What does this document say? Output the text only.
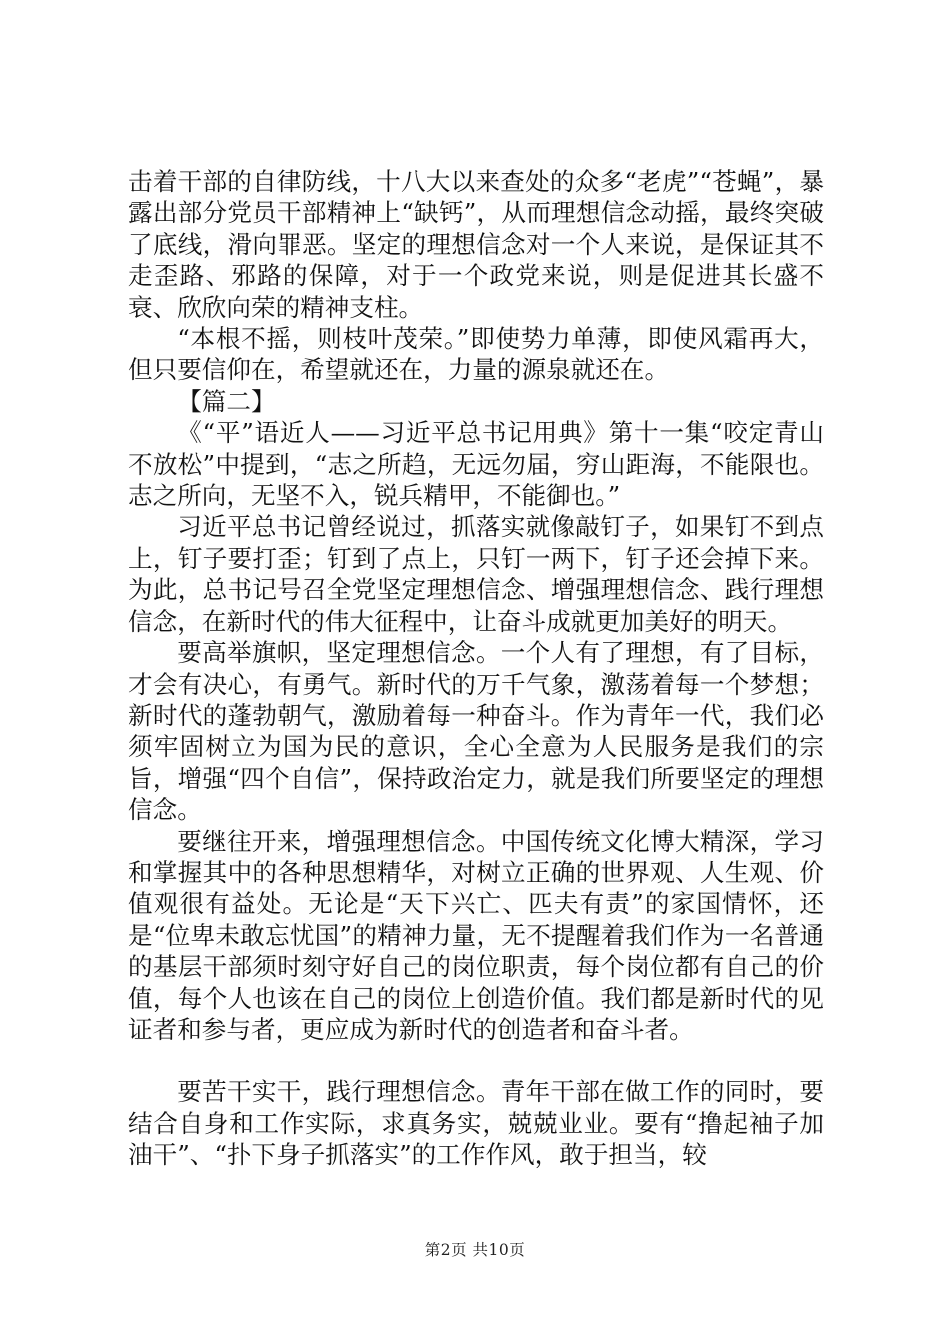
击着干部的自律防线，十八大以来查处的众多“老虎”“苍蝇”，暴露出部分党员干部精神上“缺钙”，从而理想信念动摇，最终突破了底线，滑向罪恶。坚定的理想信念对一个人来说，是保证其不走歪路、邪路的保障，对于一个政党来说，则是促进其长盛不衰、欣欣向荣的精神支柱。

“本根不摇，则枝叶茂荣。”即使势力单薄，即使风霜再大，但只要信仰在，希望就还在，力量的源泉就还在。

【篇二】

《“平”语近人——习近平总书记用典》第十一集“咬定青山不放松”中提到，“志之所趋，无远勿届，穷山距海，不能限也。志之所向，无坚不入，锐兵精甲，不能御也。”

习近平总书记曾经说过，抓落实就像敲钉子，如果钉不到点上，钉子要打歪；钉到了点上，只钉一两下，钉子还会掉下来。为此，总书记号召全党坚定理想信念、增强理想信念、践行理想信念，在新时代的伟大征程中，让奋斗成就更加美好的明天。

要高举旗帜，坚定理想信念。一个人有了理想，有了目标，才会有决心，有勇气。新时代的万千气象，激荡着每一个梦想；新时代的蓬勃朝气，激励着每一种奋斗。作为青年一代，我们必须牢固树立为国为民的意识，全心全意为人民服务是我们的宗旨，增强“四个自信”，保持政治定力，就是我们所要坚定的理想信念。

要继往开来，增强理想信念。中国传统文化博大精深，学习和掌握其中的各种思想精华，对树立正确的世界观、人生观、价值观很有益处。无论是“天下兴亡、匹夫有责”的家国情怀，还是“位卑未敢忘忧国”的精神力量，无不提醒着我们作为一名普通的基层干部须时刻守好自己的岗位职责，每个岗位都有自己的价值，每个人也该在自己的岗位上创造价值。我们都是新时代的见证者和参与者，更应成为新时代的创造者和奋斗者。

要苦干实干，践行理想信念。青年干部在做工作的同时，要结合自身和工作实际，求真务实，兢兢业业。要有“撸起袖子加油干”、“扑下身子抓落实”的工作作风，敢于担当，较

第2页 共10页
